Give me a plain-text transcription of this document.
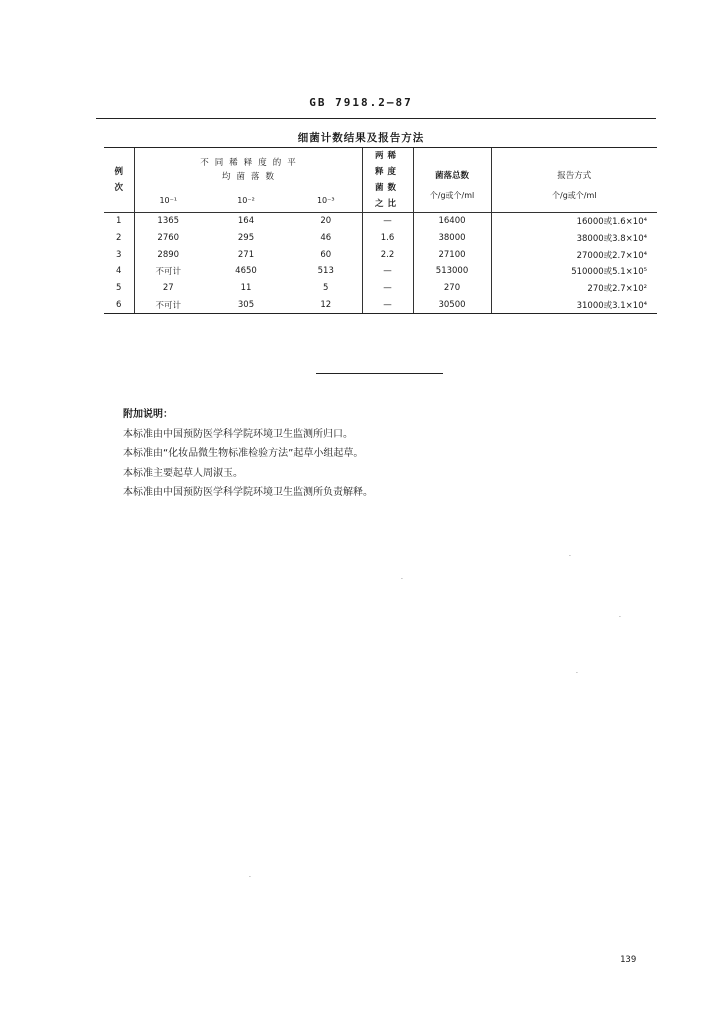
GB 7918.2—87
细菌计数结果及报告方法
例次	不同稀释度的平均菌落数			两稀释度菌数之比	菌落总数	报告方式
	10⁻¹	10⁻²	10⁻³		个/g或个/ml	个/g或个/ml
1	1365	164	20	—	16400	16000或1.6×10⁴
2	2760	295	46	1.6	38000	38000或3.8×10⁴
3	2890	271	60	2.2	27100	27000或2.7×10⁴
4	不可计	4650	513	—	513000	510000或5.1×10⁵
5	27	11	5	—	270	270或2.7×10²
6	不可计	305	12	—	30500	31000或3.1×10⁴
附加说明：
本标准由中国预防医学科学院环境卫生监测所归口。
本标准由“化妆品微生物标准检验方法”起草小组起草。
本标准主要起草人周淑玉。
本标准由中国预防医学科学院环境卫生监测所负责解释。
139
·
·
·
·
·
